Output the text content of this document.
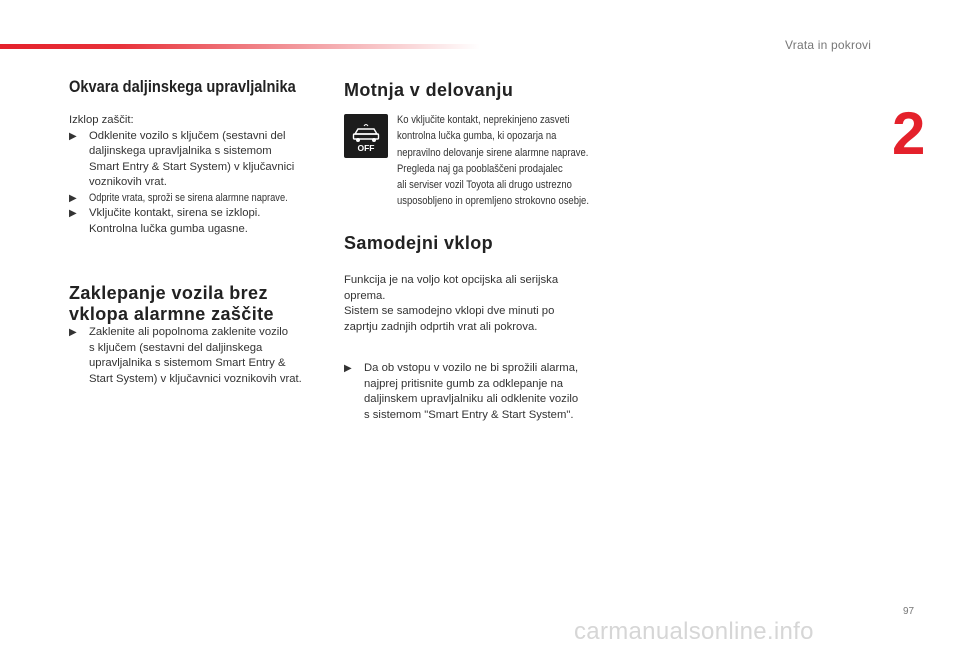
Vrata in pokrovi
2
Okvara daljinskega upravljalnika

Izklop zaščit:

▶ Odklenite vozilo s ključem (sestavni del
daljinskega upravljalnika s sistemom
Smart Entry & Start System) v ključavnici
voznikovih vrat.
▶ Odprite vrata, sproži se sirena alarmne naprave.
▶ Vključite kontakt, sirena se izklopi.
Kontrolna lučka gumba ugasne.
Zaklepanje vozila brez
vklopa alarmne zaščite
▶ Zaklenite ali popolnoma zaklenite vozilo
s ključem (sestavni del daljinskega
upravljalnika s sistemom Smart Entry &
Start System) v ključavnici voznikovih vrat.
Motnja v delovanju
OFF
Ko vključite kontakt, neprekinjeno zasveti
kontrolna lučka gumba, ki opozarja na
nepravilno delovanje sirene alarmne naprave.
Pregleda naj ga pooblaščeni prodajalec
ali serviser vozil Toyota ali drugo ustrezno
usposobljeno in opremljeno strokovno osebje.
Samodejni vklop
Funkcija je na voljo kot opcijska ali serijska
oprema.
Sistem se samodejno vklopi dve minuti po
zaprtju zadnjih odprtih vrat ali pokrova.
▶ Da ob vstopu v vozilo ne bi sprožili alarma,
najprej pritisnite gumb za odklepanje na
daljinskem upravljalniku ali odklenite vozilo
s sistemom "Smart Entry & Start System".
97
carmanualsonline.info
